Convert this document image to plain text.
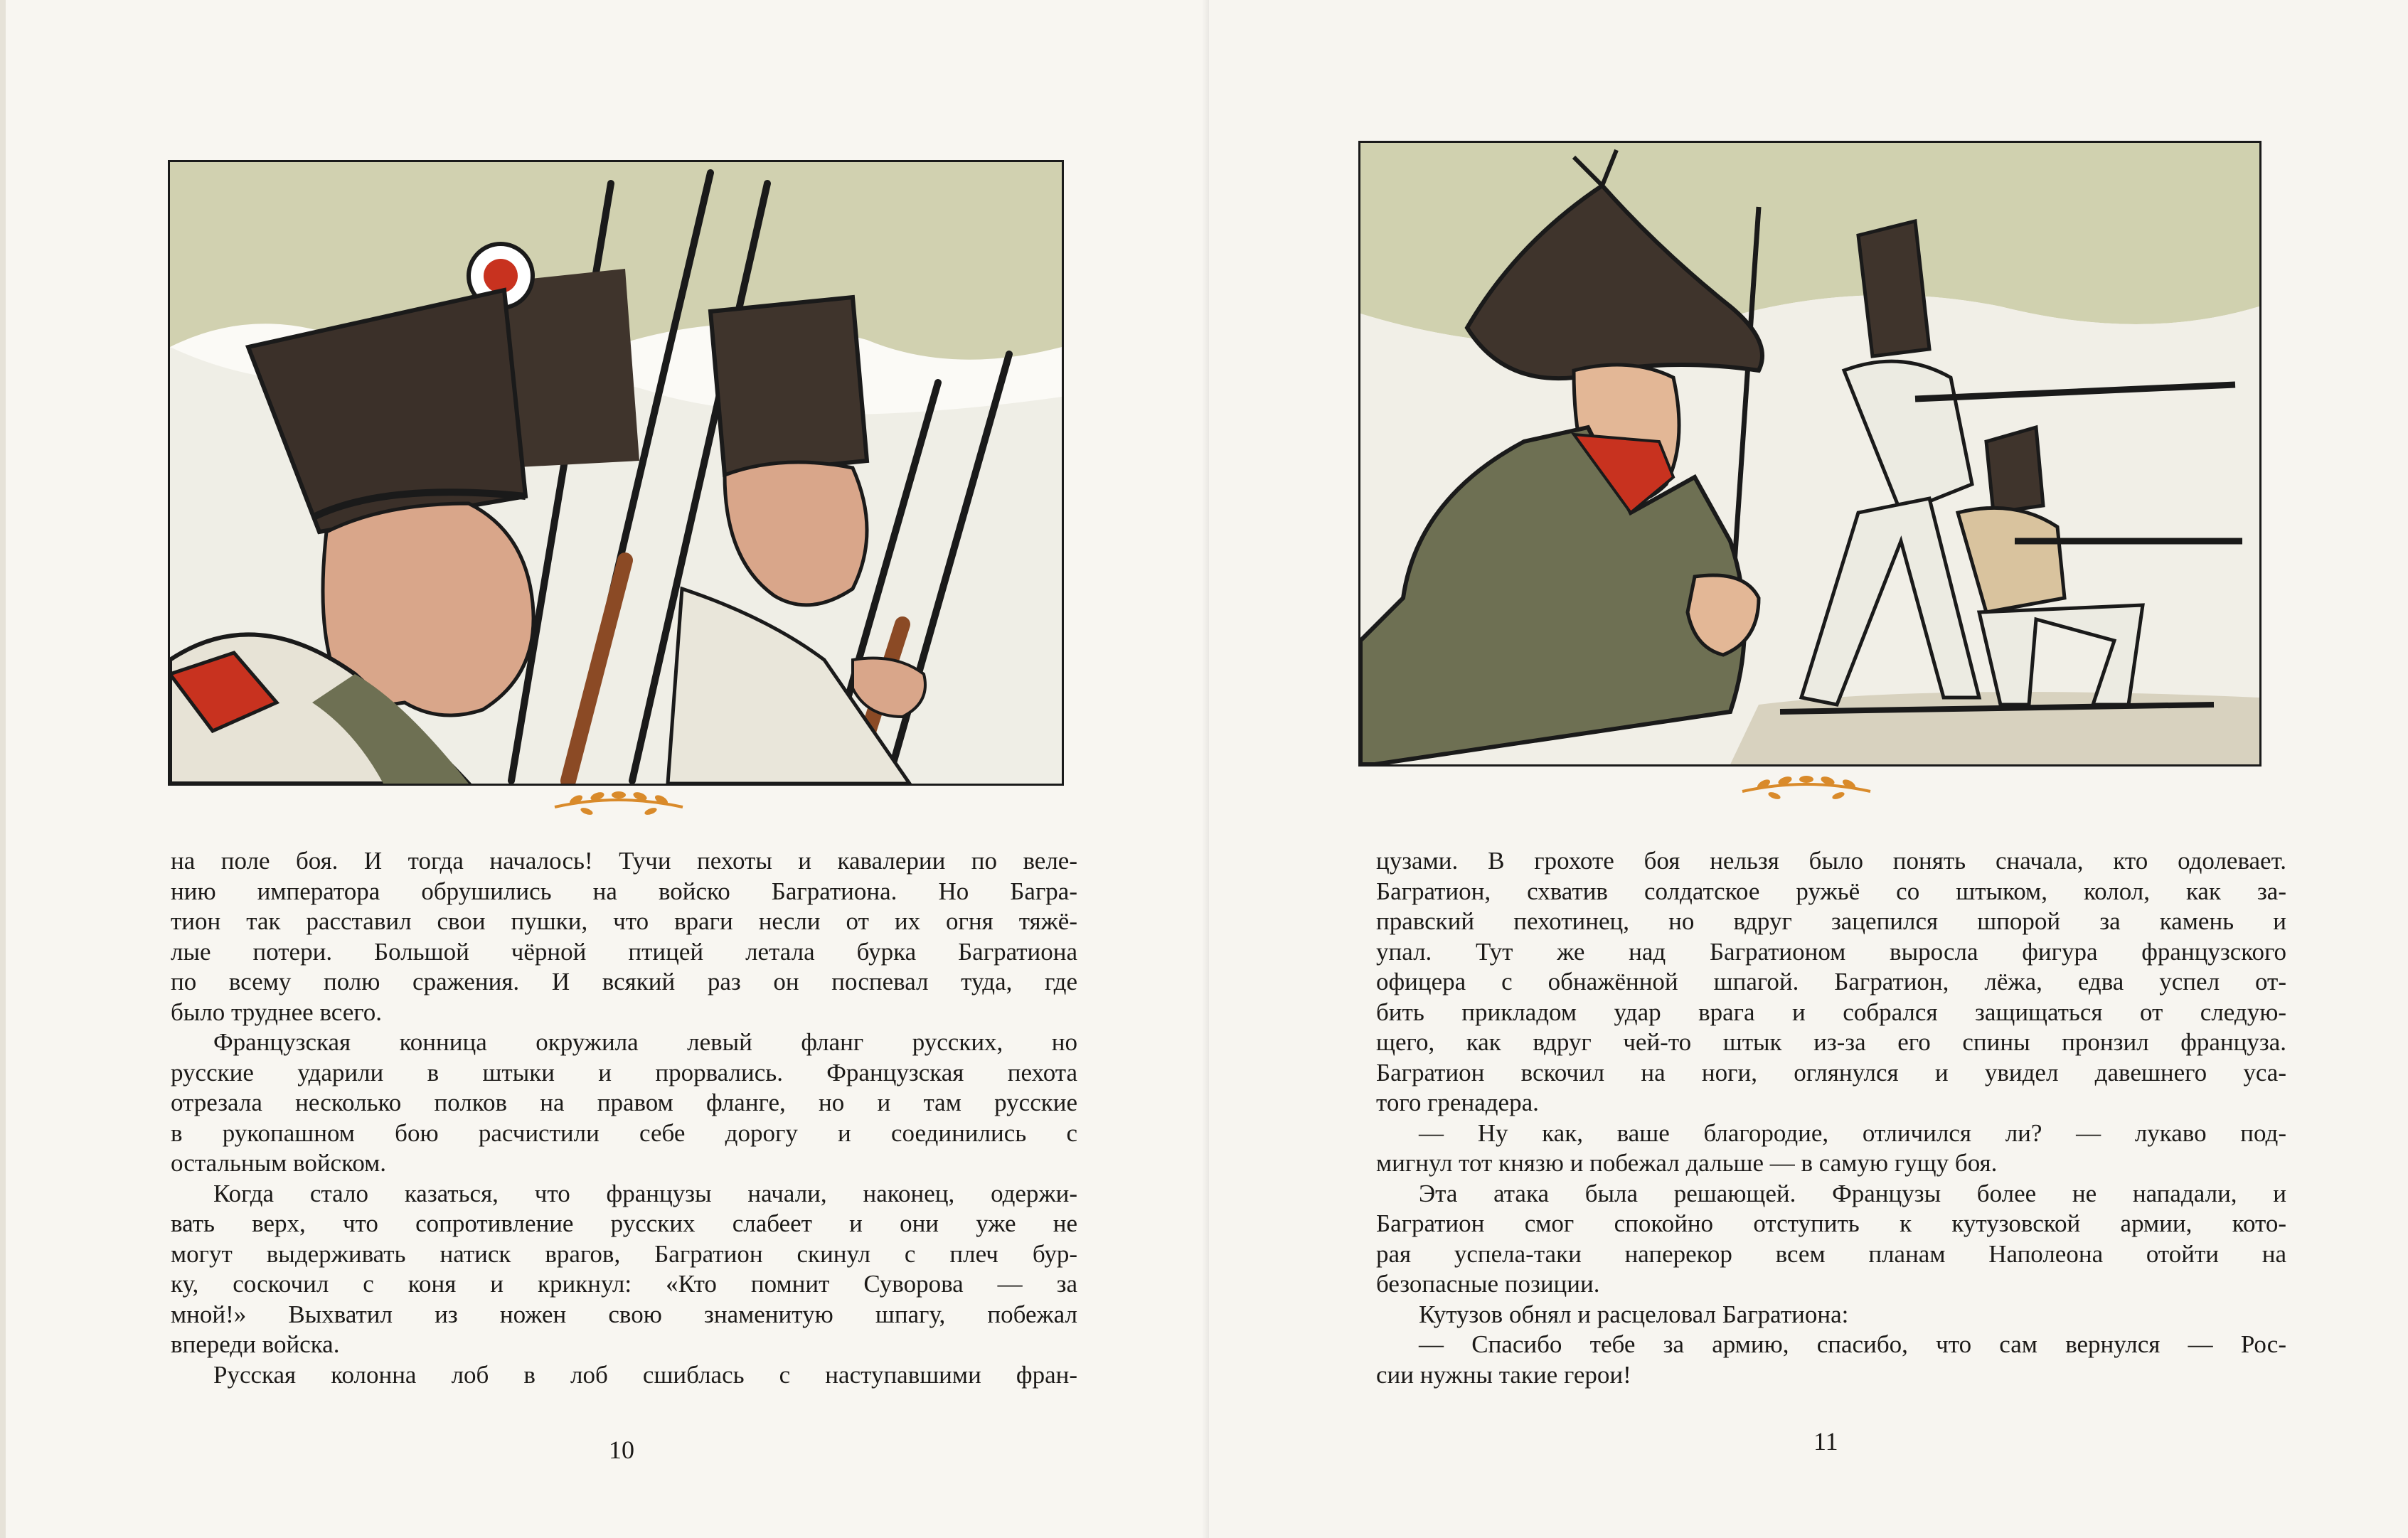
на поле боя. И тогда началось! Тучи пехоты и кавалерии по веле-
нию императора обрушились на войско Багратиона. Но Багра-
тион так расставил свои пушки, что враги несли от их огня тяжё-
лые потери. Большой чёрной птицей летала бурка Багратиона
по всему полю сражения. И всякий раз он поспевал туда, где
было труднее всего.
Французская конница окружила левый фланг русских, но
русские ударили в штыки и прорвались. Французская пехота
отрезала несколько полков на правом фланге, но и там русские
в рукопашном бою расчистили себе дорогу и соединились с
остальным войском.
Когда стало казаться, что французы начали, наконец, одержи-
вать верх, что сопротивление русских слабеет и они уже не
могут выдерживать натиск врагов, Багратион скинул с плеч бур-
ку, соскочил с коня и крикнул: «Кто помнит Суворова — за
мной!» Выхватил из ножен свою знаменитую шпагу, побежал
впереди войска.
Русская колонна лоб в лоб сшиблась с наступавшими фран-
10
цузами. В грохоте боя нельзя было понять сначала, кто одолевает.
Багратион, схватив солдатское ружьё со штыком, колол, как за-
правский пехотинец, но вдруг зацепился шпорой за камень и
упал. Тут же над Багратионом выросла фигура французского
офицера с обнажённой шпагой. Багратион, лёжа, едва успел от-
бить прикладом удар врага и собрался защищаться от следую-
щего, как вдруг чей-то штык из-за его спины пронзил француза.
Багратион вскочил на ноги, оглянулся и увидел давешнего уса-
того гренадера.
— Ну как, ваше благородие, отличился ли? — лукаво под-
мигнул тот князю и побежал дальше — в самую гущу боя.
Эта атака была решающей. Французы более не нападали, и
Багратион смог спокойно отступить к кутузовской армии, кото-
рая успела-таки наперекор всем планам Наполеона отойти на
безопасные позиции.
Кутузов обнял и расцеловал Багратиона:
— Спасибо тебе за армию, спасибо, что сам вернулся — Рос-
сии нужны такие герои!
11
